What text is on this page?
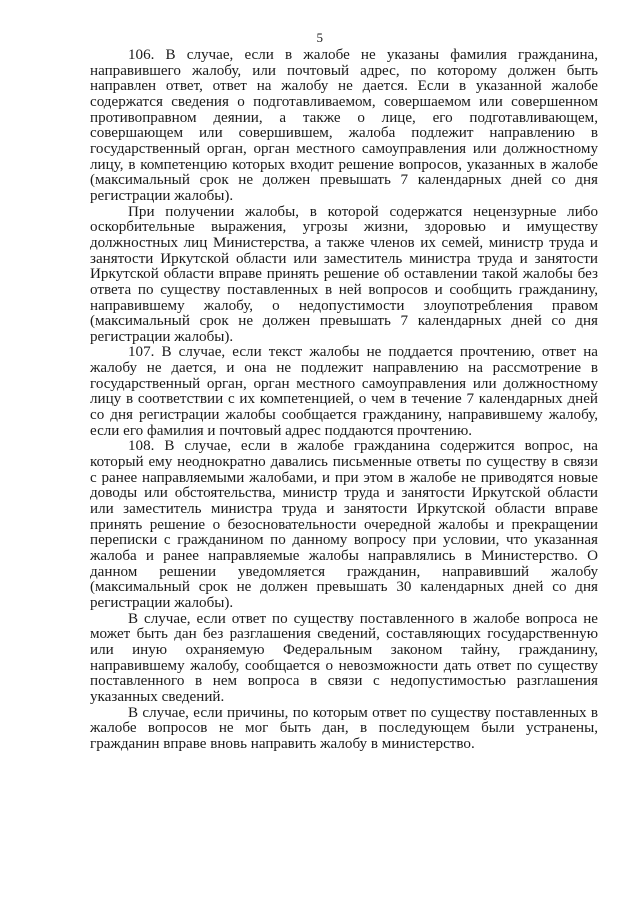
5

106. В случае, если в жалобе не указаны фамилия гражданина, направившего жалобу, или почтовый адрес, по которому должен быть направлен ответ, ответ на жалобу не дается. Если в указанной жалобе содержатся сведения о подготавливаемом, совершаемом или совершенном противоправном деянии, а также о лице, его подготавливающем, совершающем или совершившем, жалоба подлежит направлению в государственный орган, орган местного самоуправления или должностному лицу, в компетенцию которых входит решение вопросов, указанных в жалобе (максимальный срок не должен превышать 7 календарных дней со дня регистрации жалобы).

При получении жалобы, в которой содержатся нецензурные либо оскорбительные выражения, угрозы жизни, здоровью и имуществу должностных лиц Министерства, а также членов их семей, министр труда и занятости Иркутской области или заместитель министра труда и занятости Иркутской области вправе принять решение об оставлении такой жалобы без ответа по существу поставленных в ней вопросов и сообщить гражданину, направившему жалобу, о недопустимости злоупотребления правом (максимальный срок не должен превышать 7 календарных дней со дня регистрации жалобы).

107. В случае, если текст жалобы не поддается прочтению, ответ на жалобу не дается, и она не подлежит направлению на рассмотрение в государственный орган, орган местного самоуправления или должностному лицу в соответствии с их компетенцией, о чем в течение 7 календарных дней со дня регистрации жалобы сообщается гражданину, направившему жалобу, если его фамилия и почтовый адрес поддаются прочтению.

108. В случае, если в жалобе гражданина содержится вопрос, на который ему неоднократно давались письменные ответы по существу в связи с ранее направляемыми жалобами, и при этом в жалобе не приводятся новые доводы или обстоятельства, министр труда и занятости Иркутской области или заместитель министра труда и занятости Иркутской области вправе принять решение о безосновательности очередной жалобы и прекращении переписки с гражданином по данному вопросу при условии, что указанная жалоба и ранее направляемые жалобы направлялись в Министерство. О данном решении уведомляется гражданин, направивший жалобу (максимальный срок не должен превышать 30 календарных дней со дня регистрации жалобы).

В случае, если ответ по существу поставленного в жалобе вопроса не может быть дан без разглашения сведений, составляющих государственную или иную охраняемую Федеральным законом тайну, гражданину, направившему жалобу, сообщается о невозможности дать ответ по существу поставленного в нем вопроса в связи с недопустимостью разглашения указанных сведений.

В случае, если причины, по которым ответ по существу поставленных в жалобе вопросов не мог быть дан, в последующем были устранены, гражданин вправе вновь направить жалобу в министерство.
